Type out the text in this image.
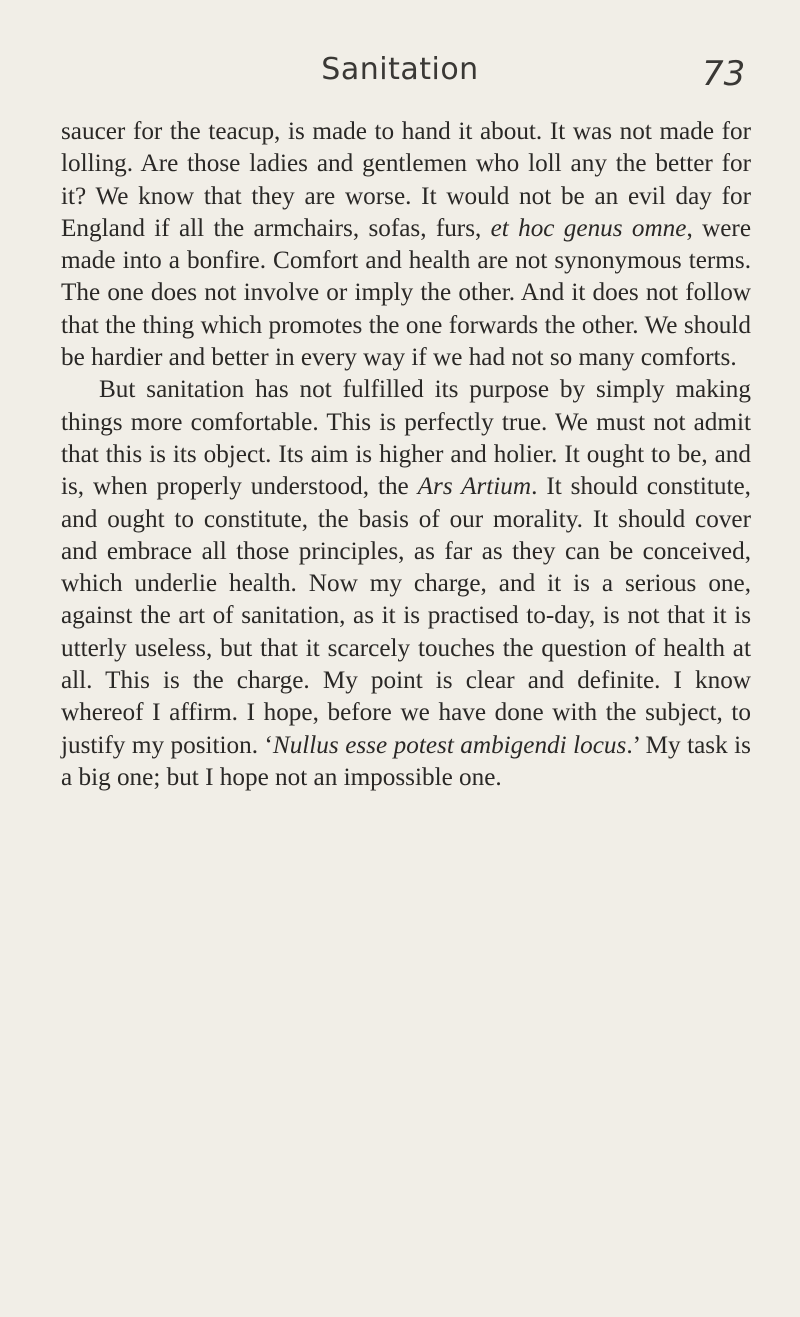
Sanitation	73

saucer for the teacup, is made to hand it about. It was not made for lolling. Are those ladies and gentlemen who loll any the better for it? We know that they are worse. It would not be an evil day for England if all the armchairs, sofas, furs, et hoc genus omne, were made into a bonfire. Comfort and health are not synonymous terms. The one does not involve or imply the other. And it does not follow that the thing which promotes the one forwards the other. We should be hardier and better in every way if we had not so many comforts.

But sanitation has not fulfilled its purpose by simply making things more comfortable. This is perfectly true. We must not admit that this is its object. Its aim is higher and holier. It ought to be, and is, when properly understood, the Ars Artium. It should constitute, and ought to constitute, the basis of our morality. It should cover and embrace all those principles, as far as they can be conceived, which underlie health. Now my charge, and it is a serious one, against the art of sanitation, as it is practised to-day, is not that it is utterly useless, but that it scarcely touches the question of health at all. This is the charge. My point is clear and definite. I know whereof I affirm. I hope, before we have done with the subject, to justify my position. ‘Nullus esse potest ambigendi locus.’ My task is a big one; but I hope not an impossible one.
